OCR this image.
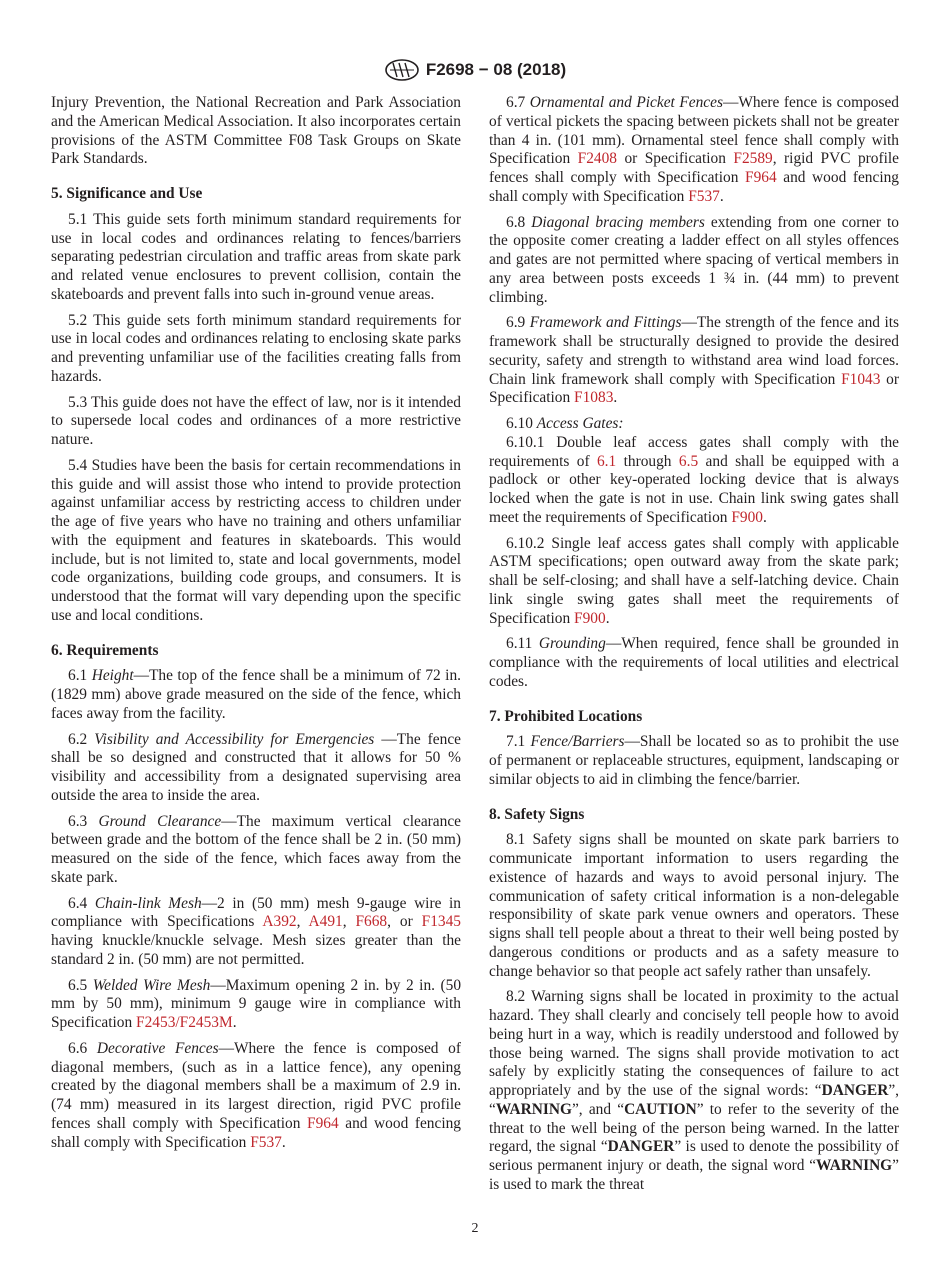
F2698 − 08 (2018)

Injury Prevention, the National Recreation and Park Association and the American Medical Association. It also incorporates certain provisions of the ASTM Committee F08 Task Groups on Skate Park Standards.

5. Significance and Use

5.1 This guide sets forth minimum standard requirements for use in local codes and ordinances relating to fences/barriers separating pedestrian circulation and traffic areas from skate park and related venue enclosures to prevent collision, contain the skateboards and prevent falls into such in-ground venue areas.

5.2 This guide sets forth minimum standard requirements for use in local codes and ordinances relating to enclosing skate parks and preventing unfamiliar use of the facilities creating falls from hazards.

5.3 This guide does not have the effect of law, nor is it intended to supersede local codes and ordinances of a more restrictive nature.

5.4 Studies have been the basis for certain recommendations in this guide and will assist those who intend to provide protection against unfamiliar access by restricting access to children under the age of five years who have no training and others unfamiliar with the equipment and features in skateboards. This would include, but is not limited to, state and local governments, model code organizations, building code groups, and consumers. It is understood that the format will vary depending upon the specific use and local conditions.

6. Requirements

6.1 Height—The top of the fence shall be a minimum of 72 in. (1829 mm) above grade measured on the side of the fence, which faces away from the facility.

6.2 Visibility and Accessibility for Emergencies —The fence shall be so designed and constructed that it allows for 50 % visibility and accessibility from a designated supervising area outside the area to inside the area.

6.3 Ground Clearance—The maximum vertical clearance between grade and the bottom of the fence shall be 2 in. (50 mm) measured on the side of the fence, which faces away from the skate park.

6.4 Chain-link Mesh—2 in (50 mm) mesh 9-gauge wire in compliance with Specifications A392, A491, F668, or F1345 having knuckle/knuckle selvage. Mesh sizes greater than the standard 2 in. (50 mm) are not permitted.

6.5 Welded Wire Mesh—Maximum opening 2 in. by 2 in. (50 mm by 50 mm), minimum 9 gauge wire in compliance with Specification F2453/F2453M.

6.6 Decorative Fences—Where the fence is composed of diagonal members, (such as in a lattice fence), any opening created by the diagonal members shall be a maximum of 2.9 in. (74 mm) measured in its largest direction, rigid PVC profile fences shall comply with Specification F964 and wood fencing shall comply with Specification F537.

6.7 Ornamental and Picket Fences—Where fence is composed of vertical pickets the spacing between pickets shall not be greater than 4 in. (101 mm). Ornamental steel fence shall comply with Specification F2408 or Specification F2589, rigid PVC profile fences shall comply with Specification F964 and wood fencing shall comply with Specification F537.

6.8 Diagonal bracing members extending from one corner to the opposite comer creating a ladder effect on all styles offences and gates are not permitted where spacing of vertical members in any area between posts exceeds 1 ¾ in. (44 mm) to prevent climbing.

6.9 Framework and Fittings—The strength of the fence and its framework shall be structurally designed to provide the desired security, safety and strength to withstand area wind load forces. Chain link framework shall comply with Specification F1043 or Specification F1083.

6.10 Access Gates:

6.10.1 Double leaf access gates shall comply with the requirements of 6.1 through 6.5 and shall be equipped with a padlock or other key-operated locking device that is always locked when the gate is not in use. Chain link swing gates shall meet the requirements of Specification F900.

6.10.2 Single leaf access gates shall comply with applicable ASTM specifications; open outward away from the skate park; shall be self-closing; and shall have a self-latching device. Chain link single swing gates shall meet the requirements of Specification F900.

6.11 Grounding—When required, fence shall be grounded in compliance with the requirements of local utilities and electrical codes.

7. Prohibited Locations

7.1 Fence/Barriers—Shall be located so as to prohibit the use of permanent or replaceable structures, equipment, landscaping or similar objects to aid in climbing the fence/barrier.

8. Safety Signs

8.1 Safety signs shall be mounted on skate park barriers to communicate important information to users regarding the existence of hazards and ways to avoid personal injury. The communication of safety critical information is a non-delegable responsibility of skate park venue owners and operators. These signs shall tell people about a threat to their well being posted by dangerous conditions or products and as a safety measure to change behavior so that people act safely rather than unsafely.

8.2 Warning signs shall be located in proximity to the actual hazard. They shall clearly and concisely tell people how to avoid being hurt in a way, which is readily understood and followed by those being warned. The signs shall provide motivation to act safely by explicitly stating the consequences of failure to act appropriately and by the use of the signal words: “DANGER”, “WARNING”, and “CAUTION” to refer to the severity of the threat to the well being of the person being warned. In the latter regard, the signal “DANGER” is used to denote the possibility of serious permanent injury or death, the signal word “WARNING” is used to mark the threat

2
